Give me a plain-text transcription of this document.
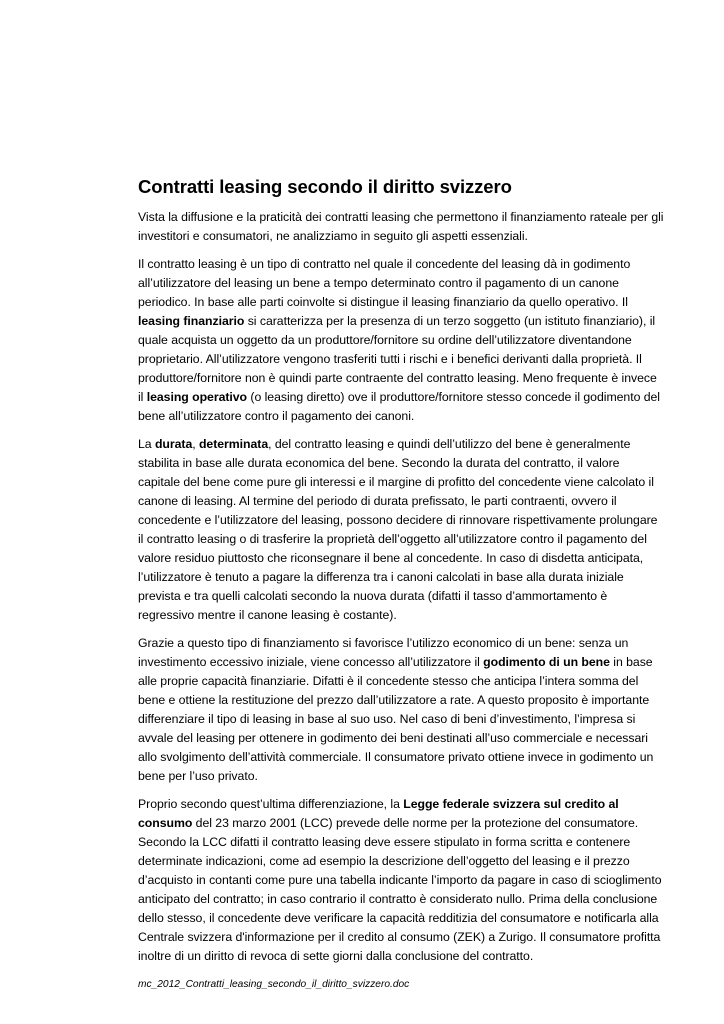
Contratti leasing secondo il diritto svizzero

Vista la diffusione e la praticità dei contratti leasing che permettono il finanziamento rateale per gli investitori e consumatori, ne analizziamo in seguito gli aspetti essenziali.

Il contratto leasing è un tipo di contratto nel quale il concedente del leasing dà in godimento all’utilizzatore del leasing un bene a tempo determinato contro il pagamento di un canone periodico. In base alle parti coinvolte si distingue il leasing finanziario da quello operativo. Il leasing finanziario si caratterizza per la presenza di un terzo soggetto (un istituto finanziario), il quale acquista un oggetto da un produttore/fornitore su ordine dell’utilizzatore diventandone proprietario. All’utilizzatore vengono trasferiti tutti i rischi e i benefici derivanti dalla proprietà. Il produttore/fornitore non è quindi parte contraente del contratto leasing. Meno frequente è invece il leasing operativo (o leasing diretto) ove il produttore/fornitore stesso concede il godimento del bene all’utilizzatore contro il pagamento dei canoni.

La durata, determinata, del contratto leasing e quindi dell’utilizzo del bene è generalmente stabilita in base alle durata economica del bene. Secondo la durata del contratto, il valore capitale del bene come pure gli interessi e il margine di profitto del concedente viene calcolato il canone di leasing. Al termine del periodo di durata prefissato, le parti contraenti, ovvero il concedente e l’utilizzatore del leasing, possono decidere di rinnovare rispettivamente prolungare il contratto leasing o di trasferire la proprietà dell’oggetto all’utilizzatore contro il pagamento del valore residuo piuttosto che riconsegnare il bene al concedente. In caso di disdetta anticipata, l’utilizzatore è tenuto a pagare la differenza tra i canoni calcolati in base alla durata iniziale prevista e tra quelli calcolati secondo la nuova durata (difatti il tasso d’ammortamento è regressivo mentre il canone leasing è costante).

Grazie a questo tipo di finanziamento si favorisce l’utilizzo economico di un bene: senza un investimento eccessivo iniziale, viene concesso all’utilizzatore il godimento di un bene in base alle proprie capacità finanziarie. Difatti è il concedente stesso che anticipa l’intera somma del bene e ottiene la restituzione del prezzo dall’utilizzatore a rate. A questo proposito è importante differenziare il tipo di leasing in base al suo uso. Nel caso di beni d’investimento, l’impresa si avvale del leasing per ottenere in godimento dei beni destinati all’uso commerciale e necessari allo svolgimento dell’attività commerciale. Il consumatore privato ottiene invece in godimento un bene per l’uso privato.

Proprio secondo quest’ultima differenziazione, la Legge federale svizzera sul credito al consumo del 23 marzo 2001 (LCC) prevede delle norme per la protezione del consumatore. Secondo la LCC difatti il contratto leasing deve essere stipulato in forma scritta e contenere determinate indicazioni, come ad esempio la descrizione dell’oggetto del leasing e il prezzo d’acquisto in contanti come pure una tabella indicante l’importo da pagare in caso di scioglimento anticipato del contratto; in caso contrario il contratto è considerato nullo. Prima della conclusione dello stesso, il concedente deve verificare la capacità redditizia del consumatore e notificarla alla Centrale svizzera d'informazione per il credito al consumo (ZEK) a Zurigo. Il consumatore profitta inoltre di un diritto di revoca di sette giorni dalla conclusione del contratto.

mc_2012_Contratti_leasing_secondo_il_diritto_svizzero.doc
